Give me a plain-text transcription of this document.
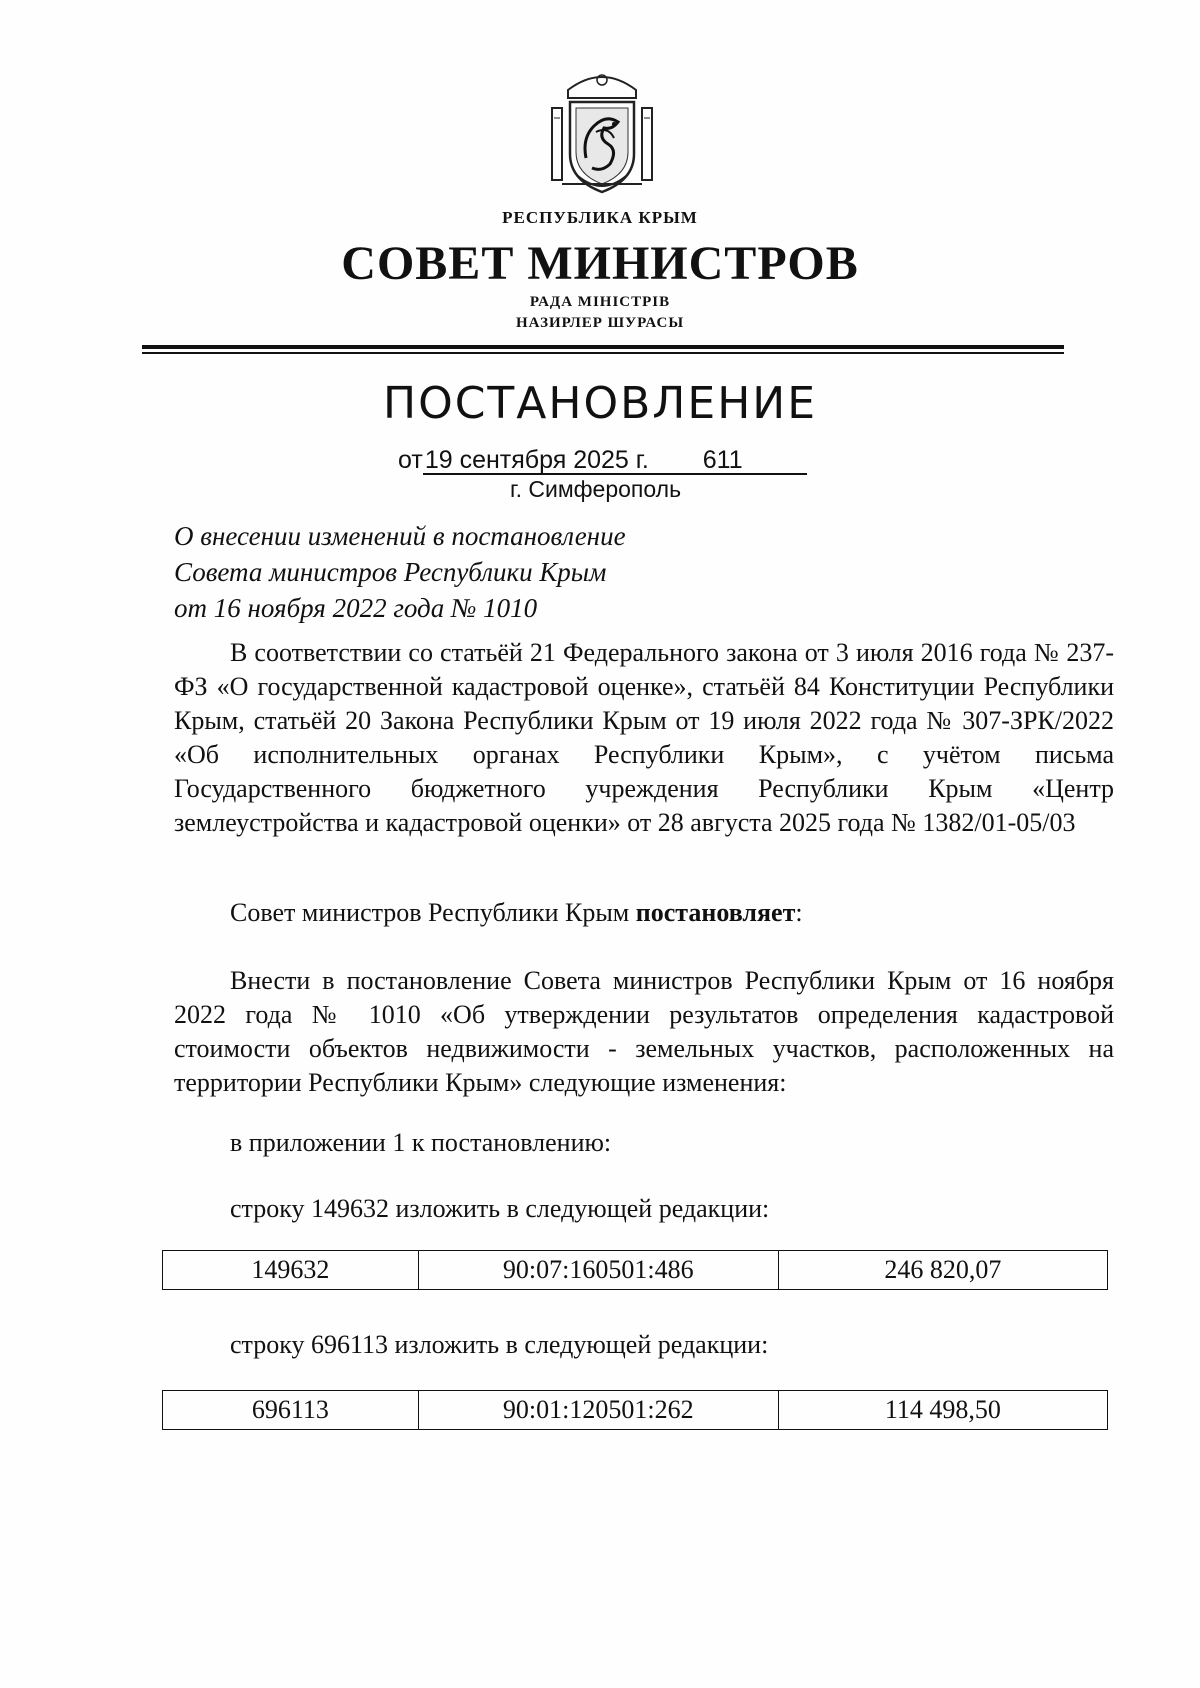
РЕСПУБЛИКА КРЫМ
СОВЕТ МИНИСТРОВ
РАДА МІНІСТРІВ
НАЗИРЛЕР ШУРАСЫ
ПОСТАНОВЛЕНИЕ
от19 сентября 2025 г. 611
г. Симферополь
О внесении изменений в постановление
Совета министров Республики Крым
от 16 ноября 2022 года № 1010
В соответствии со статьёй 21 Федерального закона от 3 июля 2016 года № 237-ФЗ «О государственной кадастровой оценке», статьёй 84 Конституции Республики Крым, статьёй 20 Закона Республики Крым от 19 июля 2022 года № 307-ЗРК/2022 «Об исполнительных органах Республики Крым», с учётом письма Государственного бюджетного учреждения Республики Крым «Центр землеустройства и кадастровой оценки» от 28 августа 2025 года № 1382/01-05/03
Совет министров Республики Крым постановляет:
Внести в постановление Совета министров Республики Крым от 16 ноября 2022 года № 1010 «Об утверждении результатов определения кадастровой стоимости объектов недвижимости - земельных участков, расположенных на территории Республики Крым» следующие изменения:
в приложении 1 к постановлению:
строку 149632 изложить в следующей редакции:
149632	90:07:160501:486	246 820,07
строку 696113 изложить в следующей редакции:
696113	90:01:120501:262	114 498,50
